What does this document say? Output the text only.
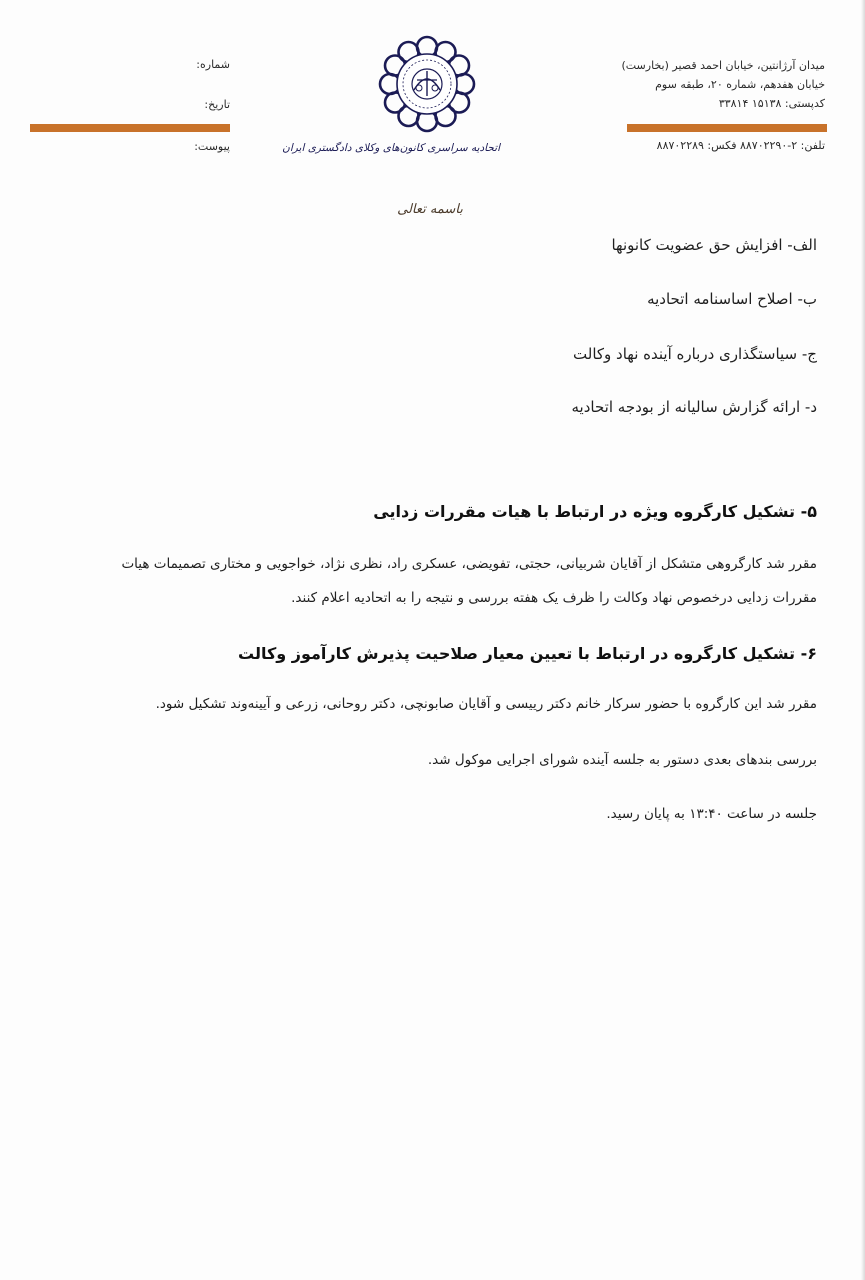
میدان آرژانتین، خیابان احمد قصیر (بخارست)
خیابان هفدهم، شماره ۲۰، طبقه سوم
کدپستی: ۱۵۱۳۸ ۳۳۸۱۴
تلفن: ۲-۸۸۷۰۲۲۹۰ فکس: ۸۸۷۰۲۲۸۹
شماره:
تاریخ:
پیوست:	اتحادیه سراسری کانون‌های وکلای دادگستری ایران
باسمه تعالی
الف- افزایش حق عضویت کانونها
ب- اصلاح اساسنامه اتحادیه
ج- سیاستگذاری درباره آینده نهاد وکالت
د- ارائه گزارش سالیانه از بودجه اتحادیه
۵- تشکیل کارگروه ویژه در ارتباط با هیات مقررات زدایی
مقرر شد کارگروهی متشکل از آقایان شربیانی، حجتی، تفویضی، عسکری راد، نظری نژاد، خواجویی و مختاری تصمیمات هیات
مقررات زدایی درخصوص نهاد وکالت را ظرف یک هفته بررسی و نتیجه را به اتحادیه اعلام کنند.
۶- تشکیل کارگروه در ارتباط با تعیین معیار صلاحیت پذیرش کارآموز وکالت
مقرر شد این کارگروه با حضور سرکار خانم دکتر رییسی و آقایان صابونچی، دکتر روحانی، زرعی و آیینه‌وند تشکیل شود.
بررسی بندهای بعدی دستور به جلسه آینده شورای اجرایی موکول شد.
جلسه در ساعت ۱۳:۴۰ به پایان رسید.
